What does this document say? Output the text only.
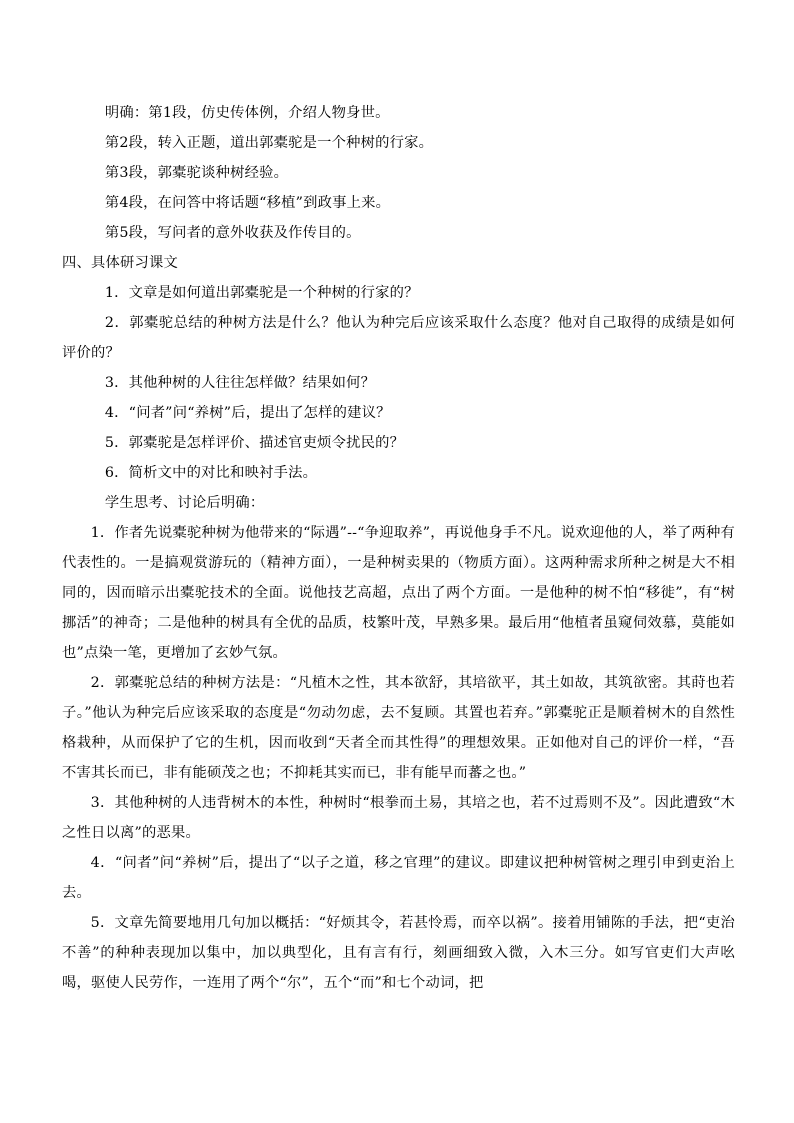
明确：第1段，仿史传体例，介绍人物身世。
第2段，转入正题，道出郭橐驼是一个种树的行家。
第3段，郭橐驼谈种树经验。
第4段，在问答中将话题“移植”到政事上来。
第5段，写问者的意外收获及作传目的。
四、具体研习课文
1．文章是如何道出郭橐驼是一个种树的行家的？

2．郭橐驼总结的种树方法是什么？他认为种完后应该采取什么态度？他对自己取得的成绩是如何评价的？

3．其他种树的人往往怎样做？结果如何？
4．“问者”问“养树”后，提出了怎样的建议？
5．郭橐驼是怎样评价、描述官吏烦令扰民的？
6．简析文中的对比和映衬手法。
学生思考、讨论后明确：

1．作者先说橐驼种树为他带来的“际遇”--“争迎取养”，再说他身手不凡。说欢迎他的人，举了两种有代表性的。一是搞观赏游玩的（精神方面），一是种树卖果的（物质方面）。这两种需求所种之树是大不相同的，因而暗示出橐驼技术的全面。说他技艺高超，点出了两个方面。一是他种的树不怕“移徙”，有“树挪活”的神奇；二是他种的树具有全优的品质，枝繁叶茂，早熟多果。最后用“他植者虽窥伺效慕，莫能如也”点染一笔，更增加了玄妙气氛。

2．郭橐驼总结的种树方法是：“凡植木之性，其本欲舒，其培欲平，其土如故，其筑欲密。其莳也若子。”他认为种完后应该采取的态度是“勿动勿虑，去不复顾。其置也若弃。”郭橐驼正是顺着树木的自然性格栽种，从而保护了它的生机，因而收到“天者全而其性得”的理想效果。正如他对自己的评价一样，“吾不害其长而已，非有能硕茂之也；不抑耗其实而已，非有能早而蕃之也。”

3．其他种树的人违背树木的本性，种树时“根拳而土易，其培之也，若不过焉则不及”。因此遭致“木之性日以离”的恶果。

4．“问者”问“养树”后，提出了“以子之道，移之官理”的建议。即建议把种树管树之理引申到吏治上去。

5．文章先简要地用几句加以概括：“好烦其令，若甚怜焉，而卒以祸”。接着用铺陈的手法，把“吏治不善”的种种表现加以集中，加以典型化，且有言有行，刻画细致入微，入木三分。如写官吏们大声吆喝，驱使人民劳作，一连用了两个“尔”，五个“而”和七个动词，把
